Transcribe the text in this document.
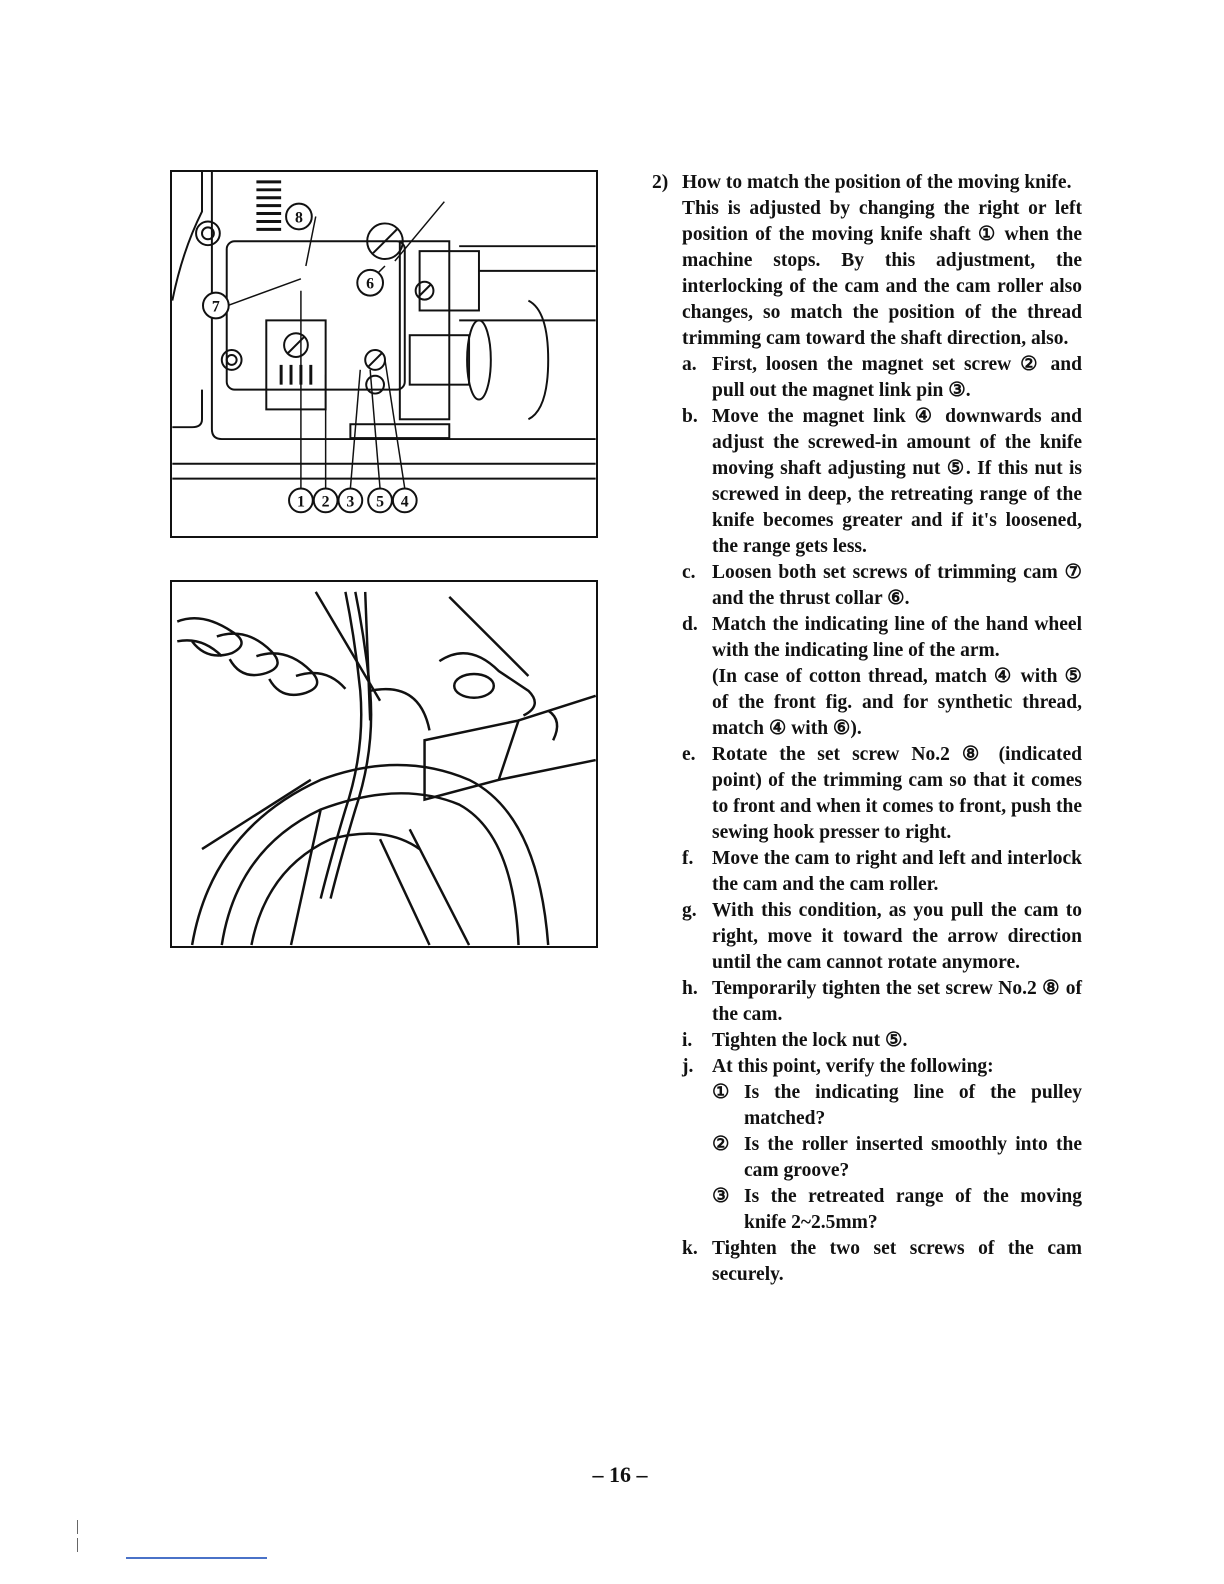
1 2 3 5 4
6
7
8
2) How to match the position of the moving knife.
This is adjusted by changing the right or left position of the moving knife shaft ① when the machine stops. By this adjustment, the interlocking of the cam and the cam roller also changes, so match the position of the thread trimming cam toward the shaft direction, also.
a. First, loosen the magnet set screw ② and pull out the magnet link pin ③.
b. Move the magnet link ④ downwards and adjust the screwed-in amount of the knife moving shaft adjusting nut ⑤. If this nut is screwed in deep, the retreating range of the knife becomes greater and if it's loosened, the range gets less.
c. Loosen both set screws of trimming cam ⑦ and the thrust collar ⑥.
d. Match the indicating line of the hand wheel with the indicating line of the arm.
(In case of cotton thread, match ④ with ⑤ of the front fig. and for synthetic thread, match ④ with ⑥).
e. Rotate the set screw No.2 ⑧ (indicated point) of the trimming cam so that it comes to front and when it comes to front, push the sewing hook presser to right.
f. Move the cam to right and left and interlock the cam and the cam roller.
g. With this condition, as you pull the cam to right, move it toward the arrow direction until the cam cannot rotate anymore.
h. Temporarily tighten the set screw No.2 ⑧ of the cam.
i.	Tighten the lock nut ⑤.
j. At this point, verify the following:
① Is the indicating line of the pulley matched?
② Is the roller inserted smoothly into the cam groove?
③ Is the retreated range of the moving knife 2~2.5mm?
k. Tighten the two set screws of the cam securely.
– 16 –
